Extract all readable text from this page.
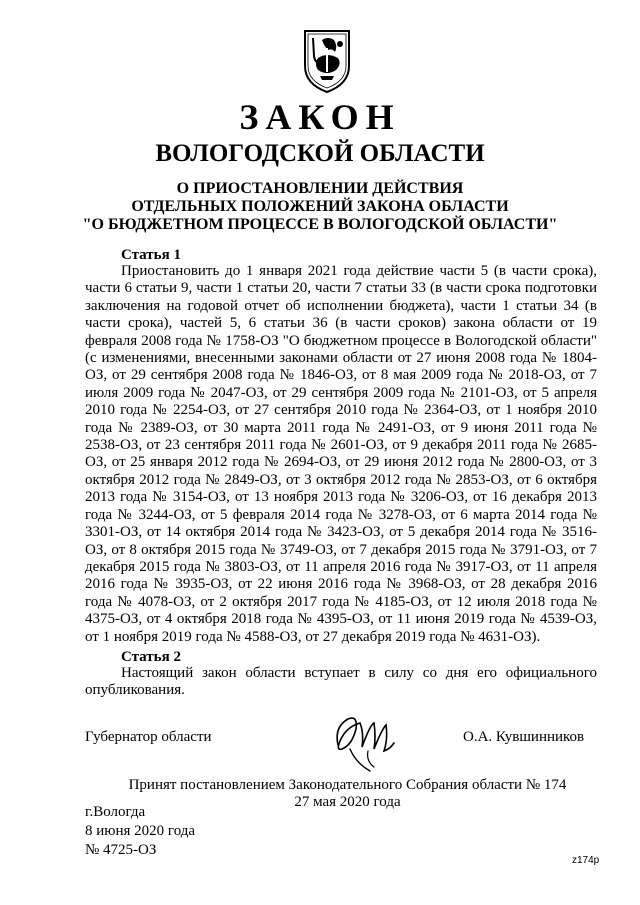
ЗАКОН
ВОЛОГОДСКОЙ ОБЛАСТИ
О ПРИОСТАНОВЛЕНИИ ДЕЙСТВИЯ
ОТДЕЛЬНЫХ ПОЛОЖЕНИЙ ЗАКОНА ОБЛАСТИ
"О БЮДЖЕТНОМ ПРОЦЕССЕ В ВОЛОГОДСКОЙ ОБЛАСТИ"
Статья 1

Приостановить до 1 января 2021 года действие части 5 (в части срока), части 6 статьи 9, части 1 статьи 20, части 7 статьи 33 (в части срока подготовки заключения на годовой отчет об исполнении бюджета), части 1 статьи 34 (в части срока), частей 5, 6 статьи 36 (в части сроков) закона области от 19 февраля 2008 года № 1758-ОЗ "О бюджетном процессе в Вологодской области" (с изменениями, внесенными законами области от 27 июня 2008 года № 1804-ОЗ, от 29 сентября 2008 года № 1846-ОЗ, от 8 мая 2009 года № 2018-ОЗ, от 7 июля 2009 года № 2047-ОЗ, от 29 сентября 2009 года № 2101-ОЗ, от 5 апреля 2010 года № 2254-ОЗ, от 27 сентября 2010 года № 2364-ОЗ, от 1 ноября 2010 года № 2389-ОЗ, от 30 марта 2011 года № 2491-ОЗ, от 9 июня 2011 года № 2538-ОЗ, от 23 сентября 2011 года № 2601-ОЗ, от 9 декабря 2011 года № 2685-ОЗ, от 25 января 2012 года № 2694-ОЗ, от 29 июня 2012 года № 2800-ОЗ, от 3 октября 2012 года № 2849-ОЗ, от 3 октября 2012 года № 2853-ОЗ, от 6 октября 2013 года № 3154-ОЗ, от 13 ноября 2013 года № 3206-ОЗ, от 16 декабря 2013 года № 3244-ОЗ, от 5 февраля 2014 года № 3278-ОЗ, от 6 марта 2014 года № 3301-ОЗ, от 14 октября 2014 года № 3423-ОЗ, от 5 декабря 2014 года № 3516-ОЗ, от 8 октября 2015 года № 3749-ОЗ, от 7 декабря 2015 года № 3791-ОЗ, от 7 декабря 2015 года № 3803-ОЗ, от 11 апреля 2016 года № 3917-ОЗ, от 11 апреля 2016 года № 3935-ОЗ, от 22 июня 2016 года № 3968-ОЗ, от 28 декабря 2016 года № 4078-ОЗ, от 2 октября 2017 года № 4185-ОЗ, от 12 июля 2018 года № 4375-ОЗ, от 4 октября 2018 года № 4395-ОЗ, от 11 июня 2019 года № 4539-ОЗ, от 1 ноября 2019 года № 4588-ОЗ, от 27 декабря 2019 года № 4631-ОЗ).

Статья 2

Настоящий закон области вступает в силу со дня его официального опубликования.

Губернатор области	О.А. Кувшинников
Принят постановлением Законодательного Собрания области № 174
27 мая 2020 года
г.Вологда
8 июня 2020 года
№ 4725-ОЗ
z174p
